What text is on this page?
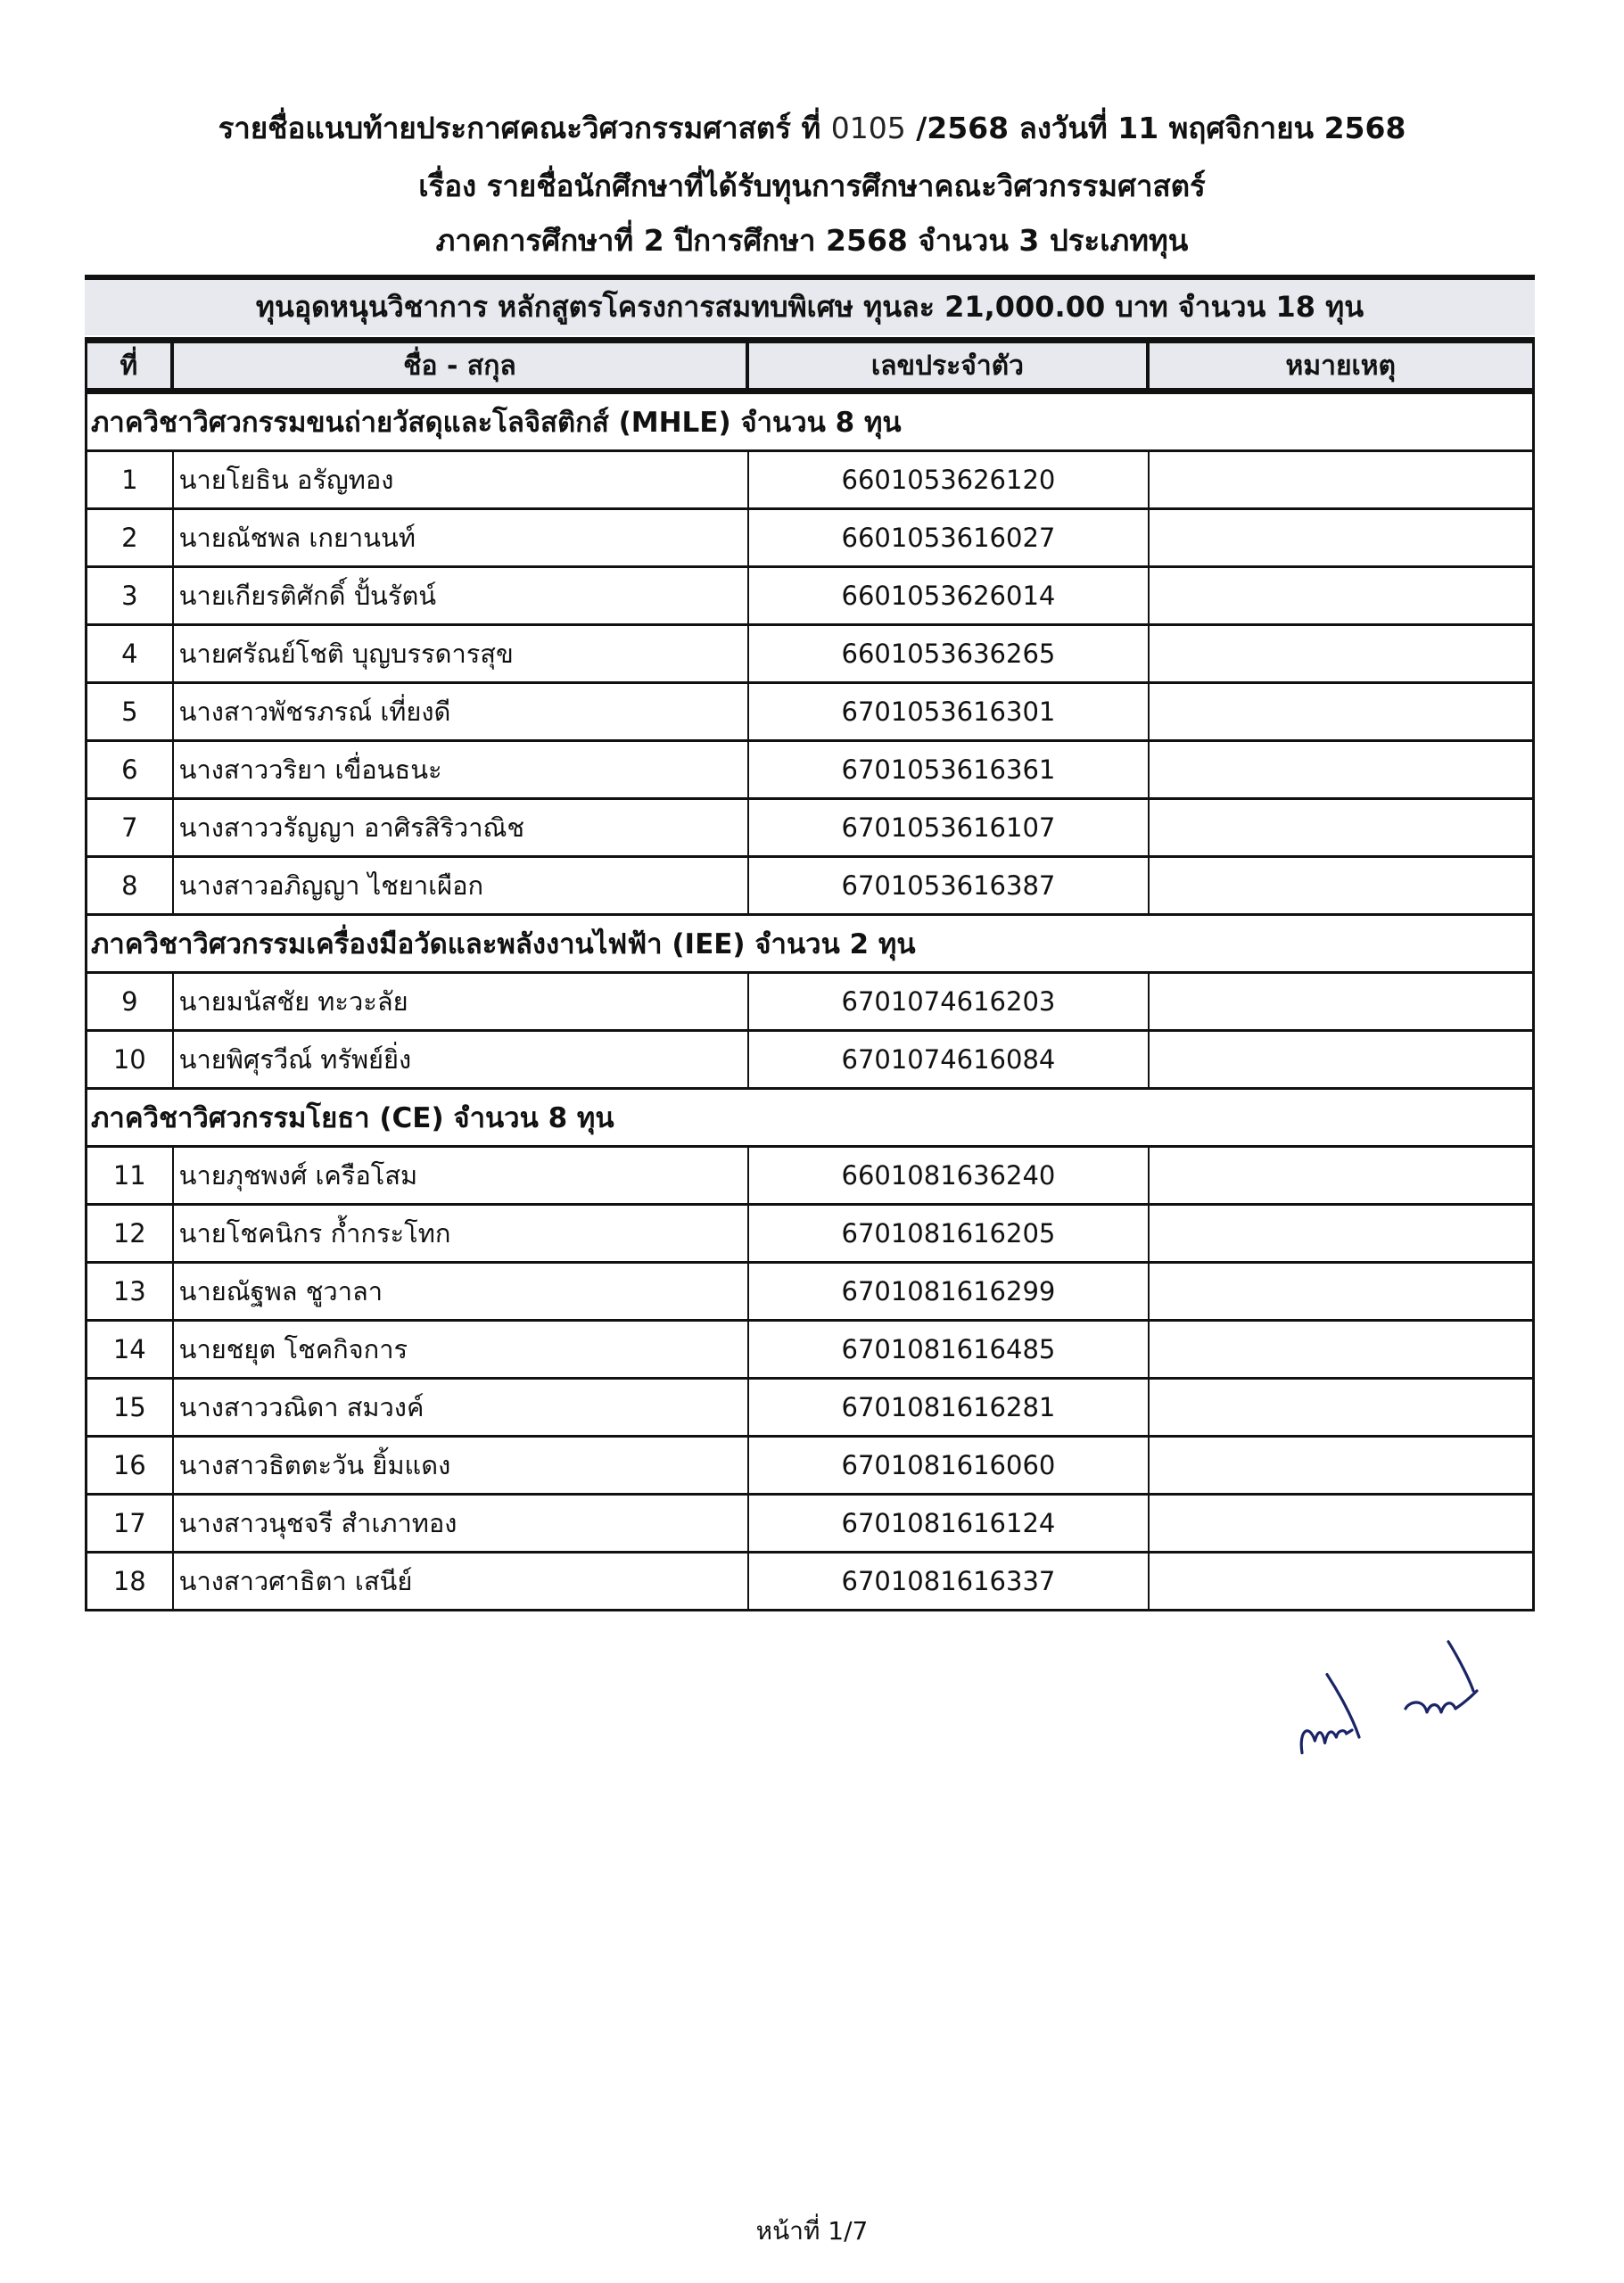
รายชื่อแนบท้ายประกาศคณะวิศวกรรมศาสตร์ ที่ 0105 /2568 ลงวันที่ 11 พฤศจิกายน 2568
เรื่อง รายชื่อนักศึกษาที่ได้รับทุนการศึกษาคณะวิศวกรรมศาสตร์
ภาคการศึกษาที่ 2 ปีการศึกษา 2568 จำนวน 3 ประเภททุน
ทุนอุดหนุนวิชาการ หลักสูตรโครงการสมทบพิเศษ ทุนละ 21,000.00 บาท จำนวน 18 ทุน
ที่	ชื่อ - สกุล	เลขประจำตัว	หมายเหตุ
ภาควิชาวิศวกรรมขนถ่ายวัสดุและโลจิสติกส์ (MHLE) จำนวน 8 ทุน
1	นายโยธิน อรัญทอง	6601053626120
2	นายณัชพล เกยานนท์	6601053616027
3	นายเกียรติศักดิ์ ปั้นรัตน์	6601053626014
4	นายศรัณย์โชติ บุญบรรดารสุข	6601053636265
5	นางสาวพัชรภรณ์ เที่ยงดี	6701053616301
6	นางสาววริยา เขื่อนธนะ	6701053616361
7	นางสาววรัญญา อาศิรสิริวาณิช	6701053616107
8	นางสาวอภิญญา ไชยาเผือก	6701053616387
ภาควิชาวิศวกรรมเครื่องมือวัดและพลังงานไฟฟ้า (IEE) จำนวน 2 ทุน
9	นายมนัสชัย ทะวะลัย	6701074616203
10	นายพิศุรวีณ์ ทรัพย์ยิ่ง	6701074616084
ภาควิชาวิศวกรรมโยธา (CE) จำนวน 8 ทุน
11	นายภุชพงศ์ เครือโสม	6601081636240
12	นายโชคนิกร ก้ำกระโทก	6701081616205
13	นายณัฐพล ชูวาลา	6701081616299
14	นายชยุต โชคกิจการ	6701081616485
15	นางสาววณิดา สมวงค์	6701081616281
16	นางสาวธิตตะวัน ยิ้มแดง	6701081616060
17	นางสาวนุชจรี สำเภาทอง	6701081616124
18	นางสาวศาธิตา เสนีย์	6701081616337
หน้าที่ 1/7
